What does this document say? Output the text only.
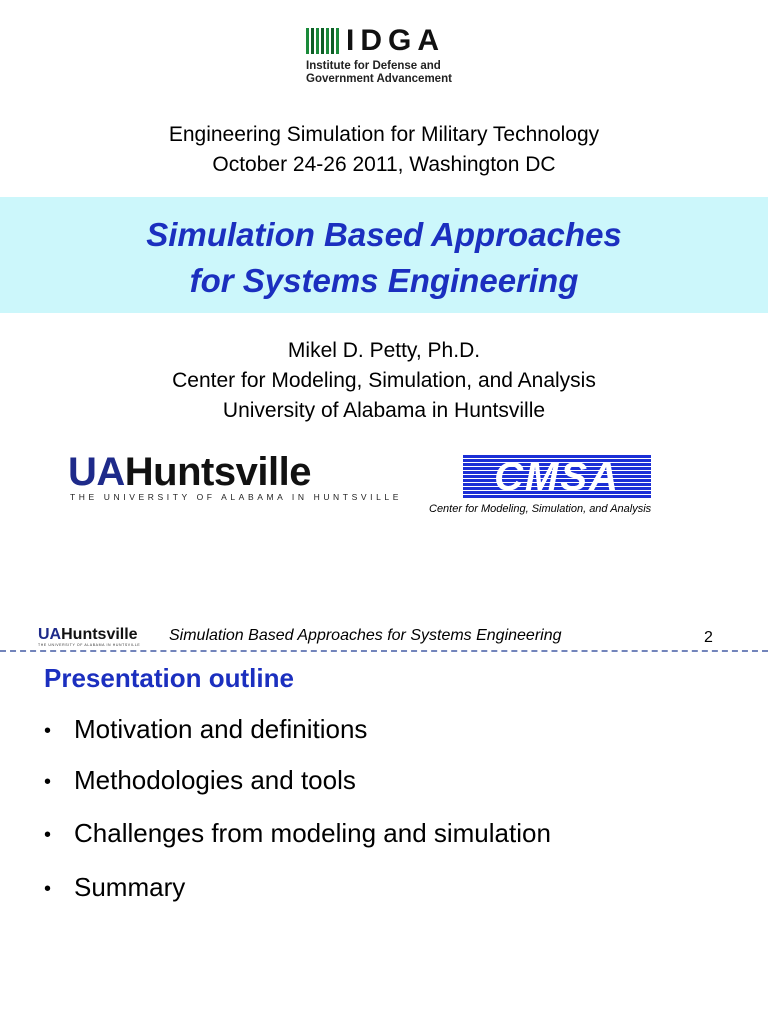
IDGA
Institute for Defense and
Government Advancement
Engineering Simulation for Military Technology
October 24-26 2011, Washington DC
Simulation Based Approaches
for Systems Engineering
Mikel D. Petty, Ph.D.
Center for Modeling, Simulation, and Analysis
University of Alabama in Huntsville
UAHuntsville
THE UNIVERSITY OF ALABAMA IN HUNTSVILLE	CMSA
Center for Modeling, Simulation, and Analysis
UAHuntsville
THE UNIVERSITY OF ALABAMA IN HUNTSVILLE
Simulation Based Approaches for Systems Engineering	2
Presentation outline
• Motivation and definitions
• Methodologies and tools
• Challenges from modeling and simulation
• Summary
